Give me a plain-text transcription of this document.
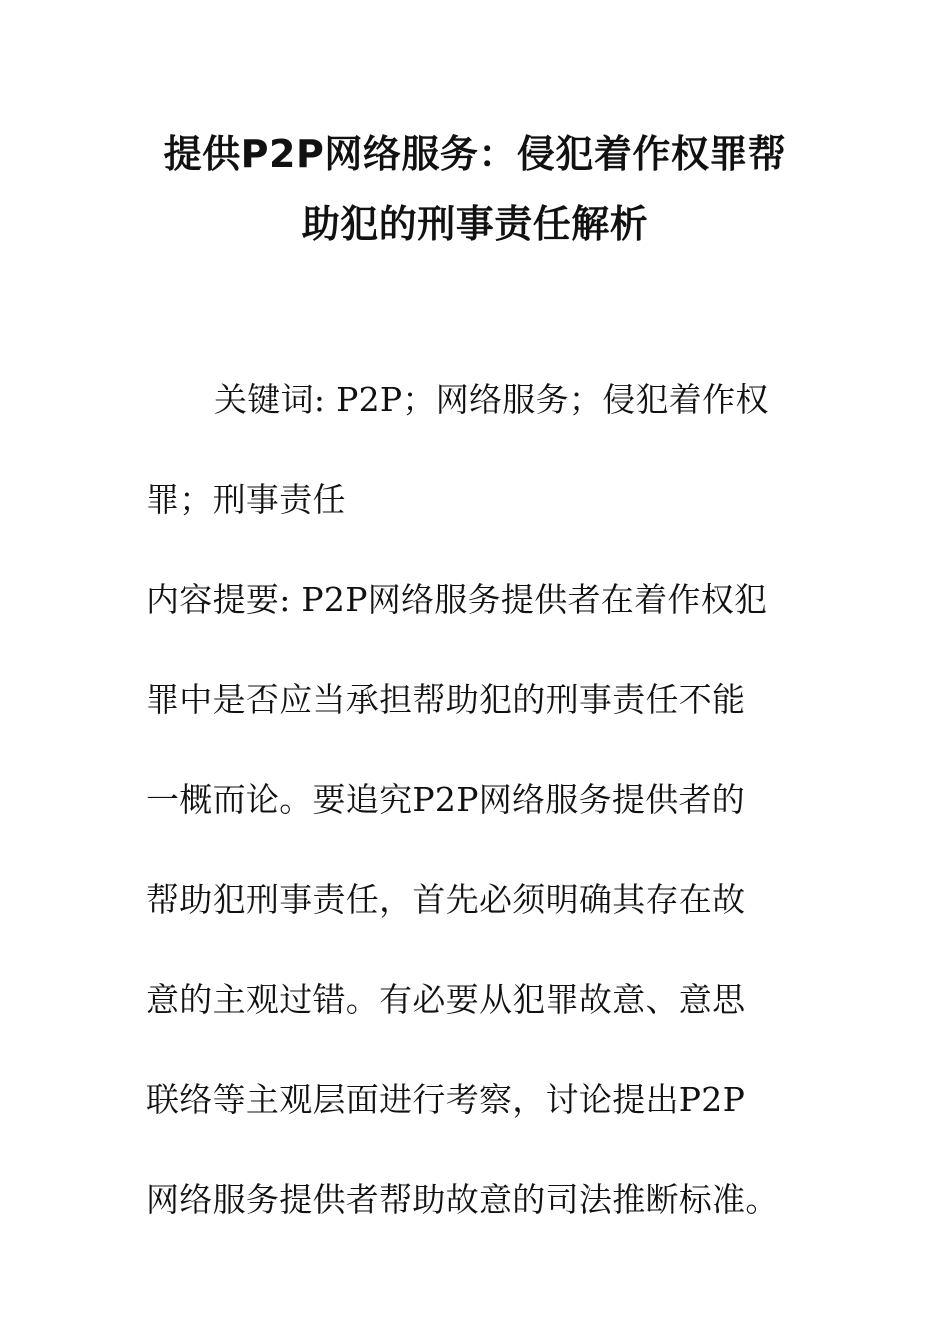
提供P2P网络服务：侵犯着作权罪帮
助犯的刑事责任解析
关键词: P2P；网络服务；侵犯着作权
罪；刑事责任
内容提要: P2P网络服务提供者在着作权犯
罪中是否应当承担帮助犯的刑事责任不能
一概而论。要追究P2P网络服务提供者的
帮助犯刑事责任，首先必须明确其存在故
意的主观过错。有必要从犯罪故意、意思
联络等主观层面进行考察，讨论提出P2P
网络服务提供者帮助故意的司法推断标准。
